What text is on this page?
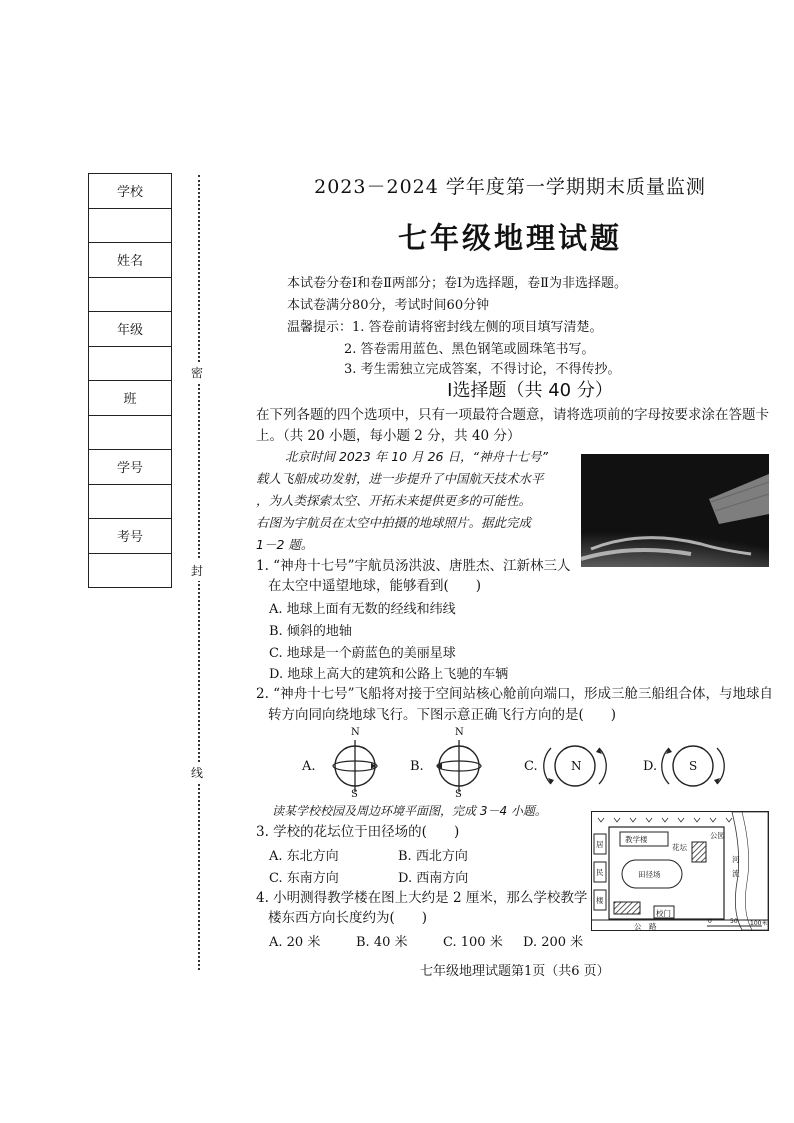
学校
姓名
年级
班
学号
考号
密
封
线
2023－2024 学年度第一学期期末质量监测
七年级地理试题
本试卷分卷Ⅰ和卷Ⅱ两部分；卷Ⅰ为选择题，卷Ⅱ为非选择题。
本试卷满分80分，考试时间60分钟
温馨提示：1. 答卷前请将密封线左侧的项目填写清楚。
2. 答卷需用蓝色、黑色钢笔或圆珠笔书写。
3. 考生需独立完成答案，不得讨论，不得传抄。
Ⅰ选择题（共 40 分）
在下列各题的四个选项中，只有一项最符合题意，请将选项前的字母按要求涂在答题卡
上。（共 20 小题，每小题 2 分，共 40 分）
北京时间 2023 年 10 月 26 日，“神舟十七号”
载人飞船成功发射，进一步提升了中国航天技术水平
，为人类探索太空、开拓未来提供更多的可能性。
右图为宇航员在太空中拍摄的地球照片。据此完成
1－2 题。
1. “神舟十七号”宇航员汤洪波、唐胜杰、江新林三人
在太空中遥望地球，能够看到(　　)
A. 地球上面有无数的经线和纬线
B. 倾斜的地轴
C. 地球是一个蔚蓝色的美丽星球
D. 地球上高大的建筑和公路上飞驰的车辆
2. “神舟十七号”飞船将对接于空间站核心舱前向端口，形成三舱三船组合体，与地球自
转方向同向绕地球飞行。下图示意正确飞行方向的是(　　)
A.
N
S
B.
N
S
C.	N	D.	S
读某学校校园及周边环境平面图，完成 3－4 小题。
3. 学校的花坛位于田径场的(　　)
A. 东北方向	B. 西北方向
C. 东南方向	D. 西南方向
4. 小明测得教学楼在图上大约是 2 厘米，那么学校教学
楼东西方向长度约为(　　)
A. 20 米	B. 40 米	C. 100 米 D. 200 米
教学楼
花坛
公园
田径场
居
民
楼
河
流
校门
公　路
0	50 100米
七年级地理试题第1页（共6 页）
